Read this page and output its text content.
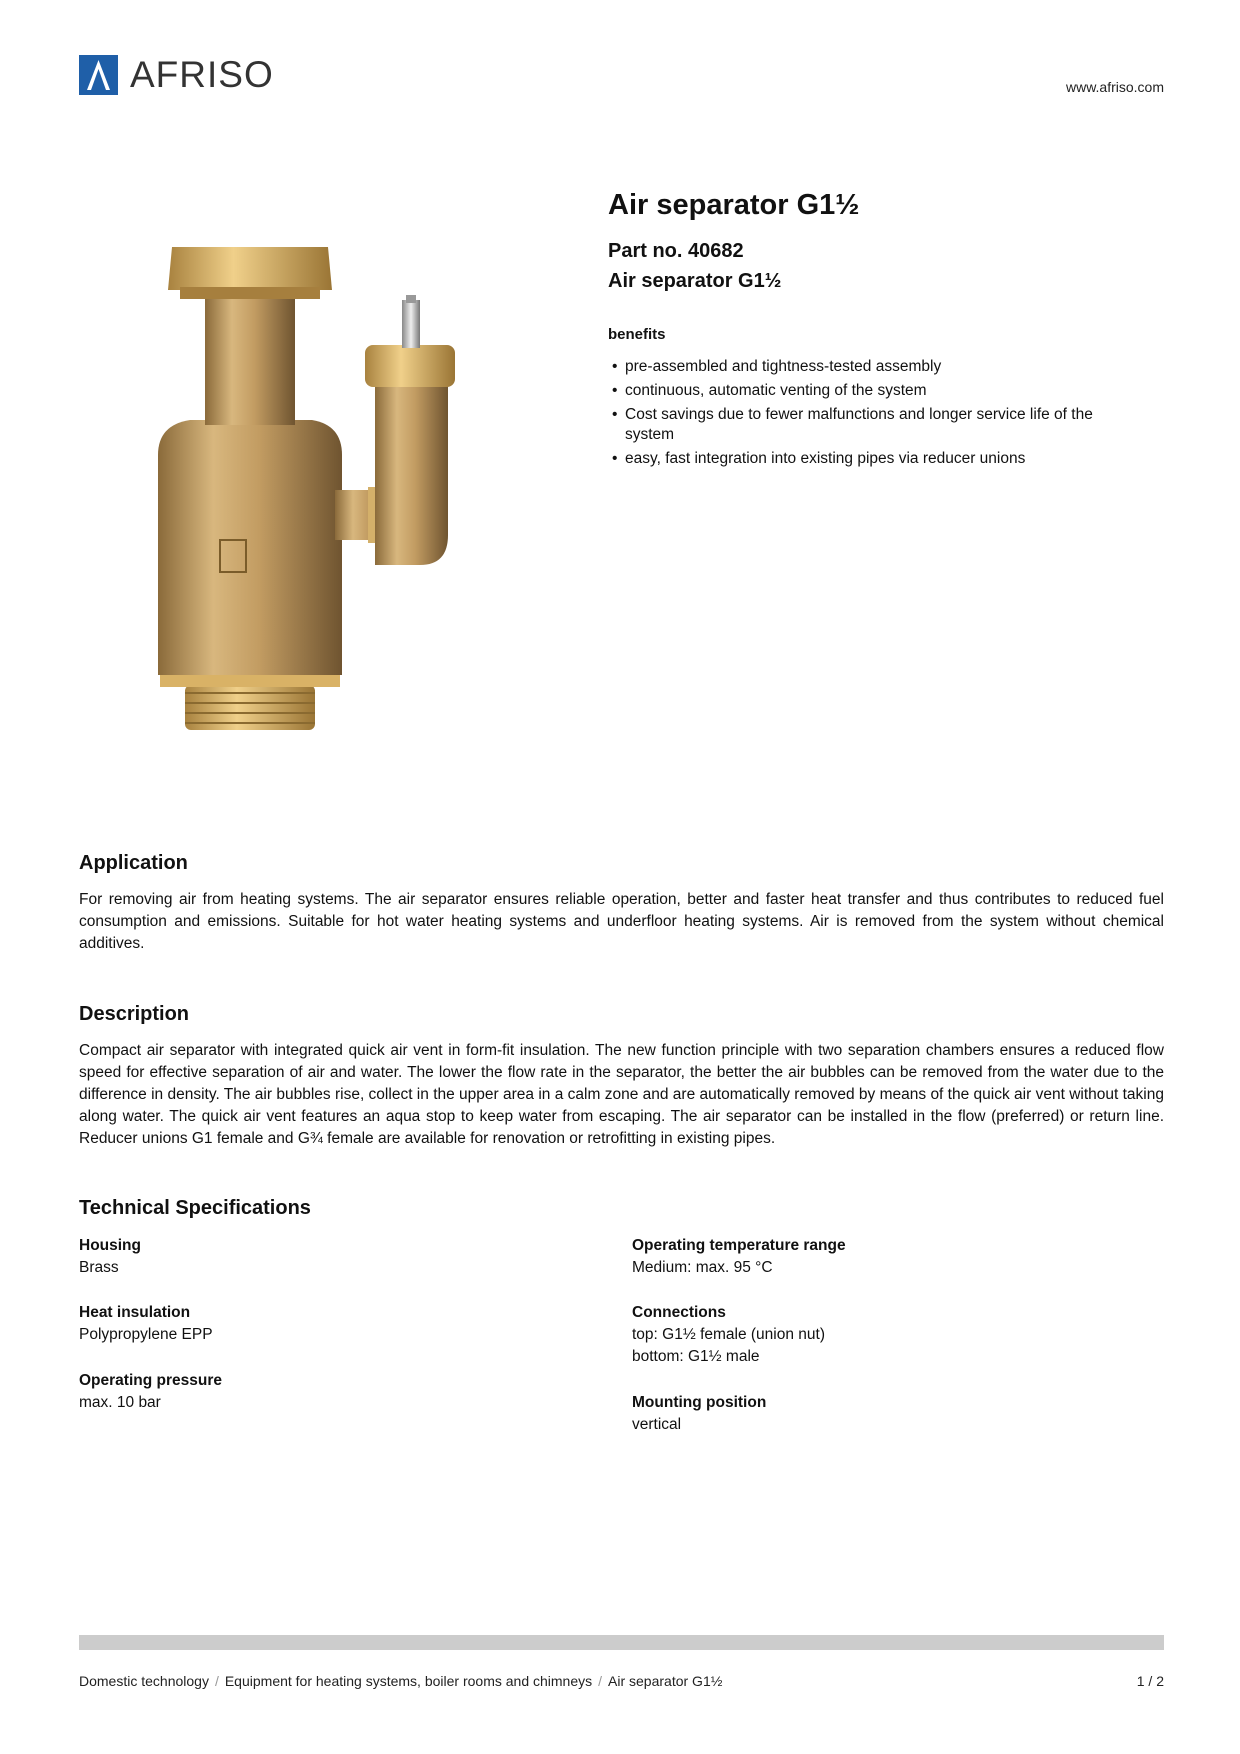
AFRISO	www.afriso.com
Air separator G1½
Part no. 40682
Air separator G1½
benefits
• pre-assembled and tightness-tested assembly
• continuous, automatic venting of the system
• Cost savings due to fewer malfunctions and longer service life of the system
• easy, fast integration into existing pipes via reducer unions
Application
For removing air from heating systems. The air separator ensures reliable operation, better and faster heat transfer and thus contributes to reduced fuel consumption and emissions. Suitable for hot water heating systems and underfloor heating systems. Air is removed from the system without chemical additives.
Description
Compact air separator with integrated quick air vent in form-fit insulation. The new function principle with two separation chambers ensures a reduced flow speed for effective separation of air and water. The lower the flow rate in the separator, the better the air bubbles can be removed from the water due to the difference in density. The air bubbles rise, collect in the upper area in a calm zone and are automatically removed by means of the quick air vent without taking along water. The quick air vent features an aqua stop to keep water from escaping. The air separator can be installed in the flow (preferred) or return line. Reducer unions G1 female and G¾ female are available for renovation or retrofitting in existing pipes.
Technical Specifications
Housing
Brass
Heat insulation
Polypropylene EPP
Operating pressure
max. 10 bar
Operating temperature range
Medium: max. 95 °C
Connections
top: G1½ female (union nut)
bottom: G1½ male
Mounting position
vertical
Domestic technology / Equipment for heating systems, boiler rooms and chimneys / Air separator G1½	1 / 2
